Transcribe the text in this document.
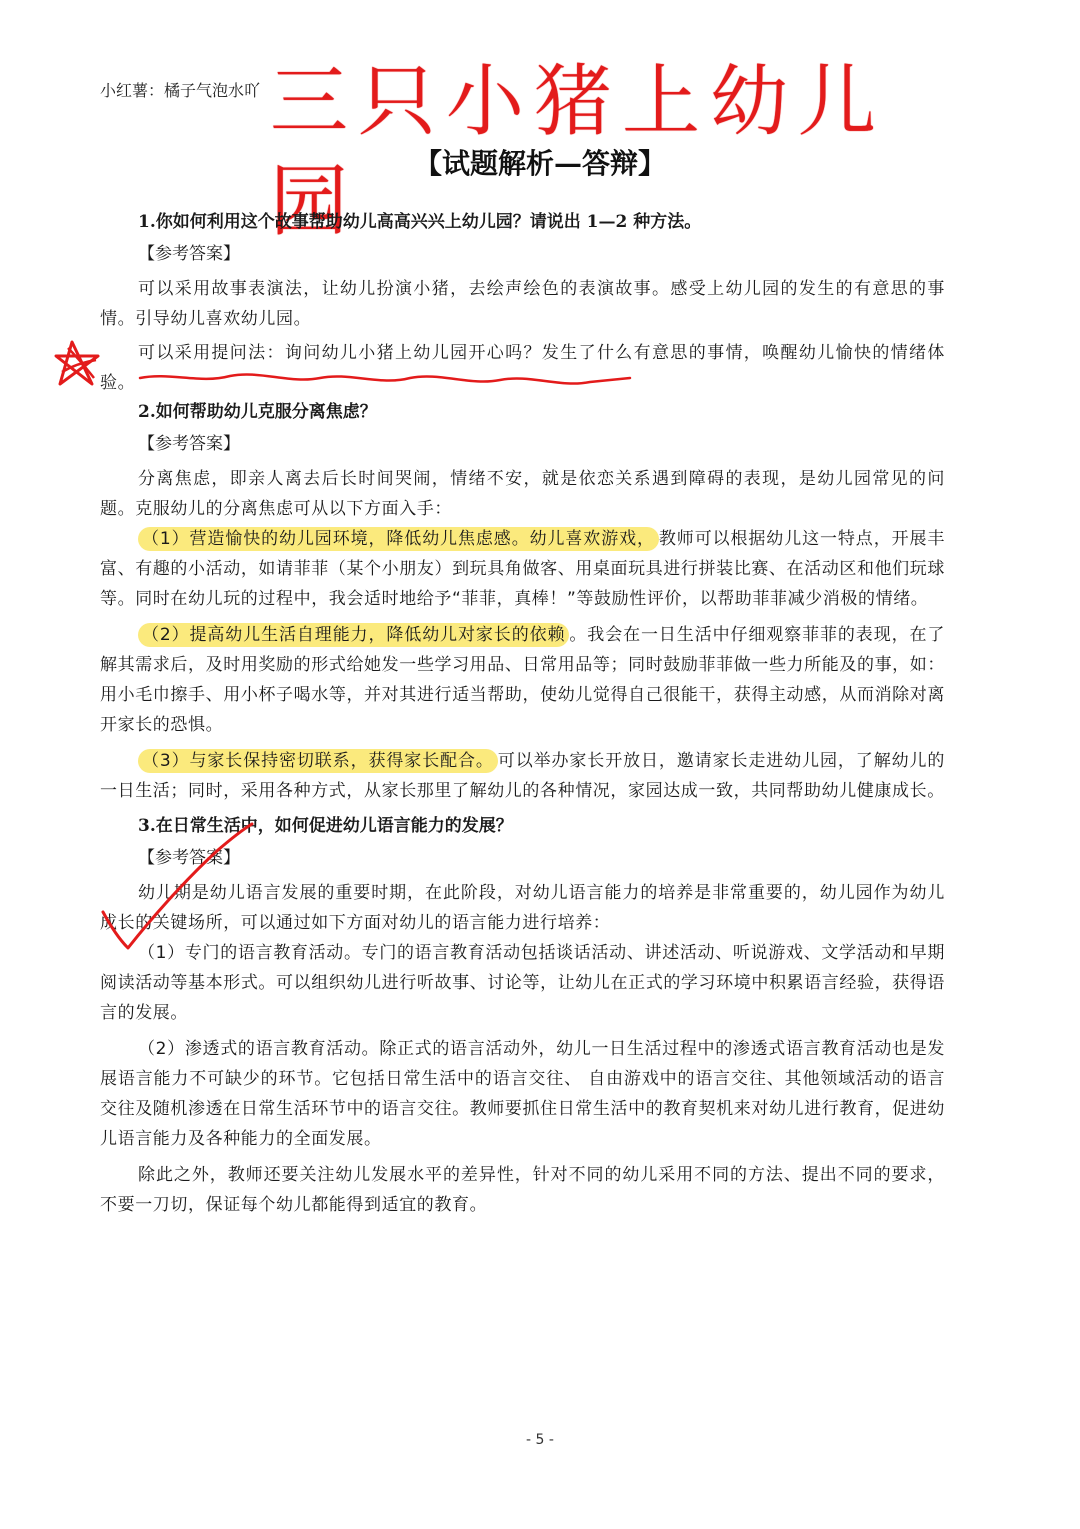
小红薯：橘子气泡水吖 三只小猪上幼儿园	【试题解析—答辩】

1.你如何利用这个故事帮助幼儿高高兴兴上幼儿园？请说出 1—2 种方法。

【参考答案】

可以采用故事表演法，让幼儿扮演小猪，去绘声绘色的表演故事。感受上幼儿园的发生的有意思的事情。引导幼儿喜欢幼儿园。

可以采用提问法：询问幼儿小猪上幼儿园开心吗？发生了什么有意思的事情，唤醒幼儿愉快的情绪体验。

2.如何帮助幼儿克服分离焦虑？

【参考答案】

分离焦虑，即亲人离去后长时间哭闹，情绪不安，就是依恋关系遇到障碍的表现，是幼儿园常见的问题。克服幼儿的分离焦虑可从以下方面入手：

（1）营造愉快的幼儿园环境，降低幼儿焦虑感。幼儿喜欢游戏， 教师可以根据幼儿这一特点，开展丰富、有趣的小活动，如请菲菲（某个小朋友）到玩具角做客、用桌面玩具进行拼装比赛、在活动区和他们玩球等。同时在幼儿玩的过程中，我会适时地给予“菲菲，真棒！”等鼓励性评价，以帮助菲菲减少消极的情绪。

（2）提高幼儿生活自理能力，降低幼儿对家长的依赖 。我会在一日生活中仔细观察菲菲的表现，在了解其需求后，及时用奖励的形式给她发一些学习用品、日常用品等；同时鼓励菲菲做一些力所能及的事，如：用小毛巾擦手、用小杯子喝水等，并对其进行适当帮助，使幼儿觉得自己很能干，获得主动感，从而消除对离开家长的恐惧。

（3）与家长保持密切联系，获得家长配合。 可以举办家长开放日，邀请家长走进幼儿园，了解幼儿的一日生活；同时，采用各种方式，从家长那里了解幼儿的各种情况，家园达成一致，共同帮助幼儿健康成长。

3.在日常生活中，如何促进幼儿语言能力的发展？

【参考答案】

幼儿期是幼儿语言发展的重要时期，在此阶段，对幼儿语言能力的培养是非常重要的，幼儿园作为幼儿成长的关键场所，可以通过如下方面对幼儿的语言能力进行培养：

（1）专门的语言教育活动。专门的语言教育活动包括谈话活动、讲述活动、听说游戏、文学活动和早期阅读活动等基本形式。可以组织幼儿进行听故事、讨论等，让幼儿在正式的学习环境中积累语言经验，获得语言的发展。

（2）渗透式的语言教育活动。除正式的语言活动外，幼儿一日生活过程中的渗透式语言教育活动也是发展语言能力不可缺少的环节。它包括日常生活中的语言交往、 自由游戏中的语言交往、其他领域活动的语言交往及随机渗透在日常生活环节中的语言交往。教师要抓住日常生活中的教育契机来对幼儿进行教育，促进幼儿语言能力及各种能力的全面发展。

除此之外，教师还要关注幼儿发展水平的差异性，针对不同的幼儿采用不同的方法、提出不同的要求，不要一刀切，保证每个幼儿都能得到适宜的教育。

- 5 -
